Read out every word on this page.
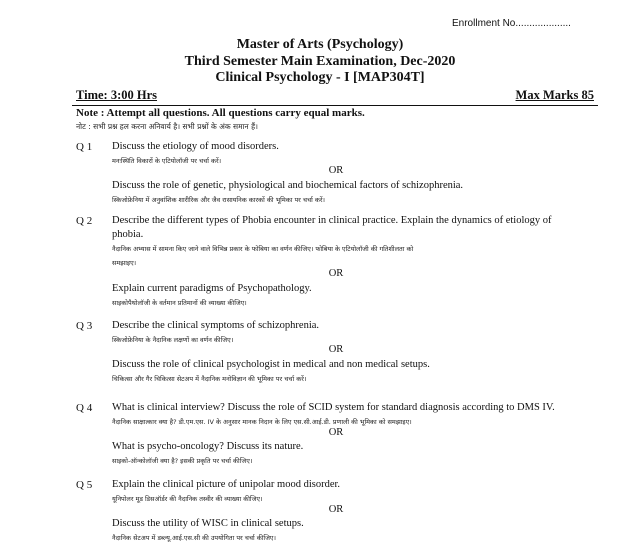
Enrollment No....................
Master of Arts (Psychology)
Third Semester Main Examination, Dec-2020
Clinical Psychology - I [MAP304T]
Time: 3:00 Hrs	Max Marks 85
Note : Attempt all questions. All questions carry equal marks.
नोट : सभी प्रश्न हल करना अनिवार्य है। सभी प्रश्नों के अंक समान हैं।
Q 1 Discuss the etiology of mood disorders.
मनःस्थिति विकारों के एटियोलॉजी पर चर्चा करें।
OR
Discuss the role of genetic, physiological and biochemical factors of schizophrenia.
स्किजोफ्रेनिया में अनुवांशिक शारीरिक और जैव रासायनिक कारकों की भूमिका पर चर्चा करें।
Q 2 Describe the different types of Phobia encounter in clinical practice. Explain the dynamics of etiology of
phobia.
नैदानिक अभ्यास में सामना किए जाने वाले विभिन्न प्रकार के फोबिया का वर्णन कीजिए। फोबिया के एटियोलॉजी की गतिशीलता को
समझाइए।
OR
Explain current paradigms of Psychopathology.
साइकोपैथोलॉजी के वर्तमान प्रतिमानों की व्याख्या कीजिए।
Q 3 Describe the clinical symptoms of schizophrenia.
स्किजोफ्रेनिया के नैदानिक लक्षणों का वर्णन कीजिए।
OR
Discuss the role of clinical psychologist in medical and non medical setups.
चिकित्सा और गैर चिकित्सा सेटअप में नैदानिक मनोविज्ञान की भूमिका पर चर्चा करें।
Q 4 What is clinical interview? Discuss the role of SCID system for standard diagnosis according to DMS IV.
नैदानिक साक्षात्कार क्या है? डी.एम.एस. IV के अनुसार मानक निदान के लिए एस.सी.आई.डी. प्रणाली की भूमिका को समझाइए।
OR
What is psycho-oncology? Discuss its nature.
साइको-ऑन्कोलॉजी क्या है? इसकी प्रकृति पर चर्चा कीजिए।
Q 5 Explain the clinical picture of unipolar mood disorder.
यूनिपोलर मूड डिसऑर्डर की नैदानिक तस्वीर की व्याख्या कीजिए।
OR
Discuss the utility of WISC in clinical setups.
नैदानिक सेटअप में डब्ल्यू.आई.एस.सी की उपयोगिता पर चर्चा कीजिए।
